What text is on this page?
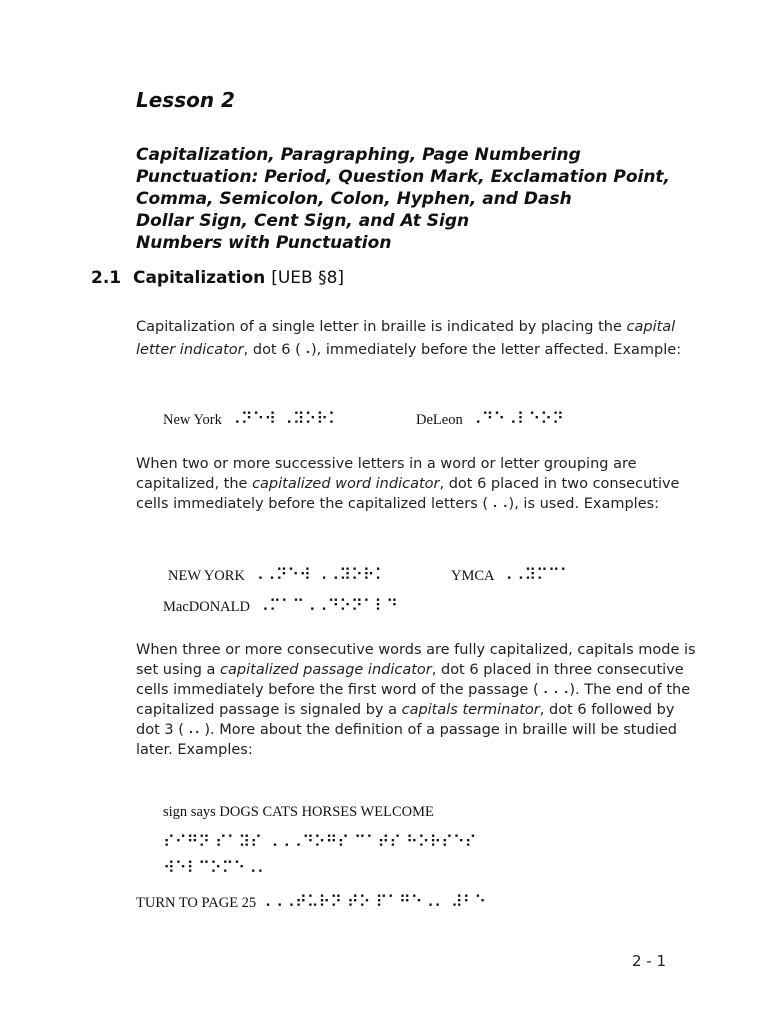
Lesson 2
Capitalization, Paragraphing, Page Numbering
Punctuation: Period, Question Mark, Exclamation Point,
Comma, Semicolon, Colon, Hyphen, and Dash
Dollar Sign, Cent Sign, and At Sign
Numbers with Punctuation
2.1 Capitalization [UEB §8]

Capitalization of a single letter in braille is indicated by placing the capital letter indicator, dot 6 (⠠), immediately before the letter affected. Example:

New York ⠠⠝⠑⠺ ⠠⠽⠕⠗⠅	DeLeon ⠠⠙⠑⠠⠇⠑⠕⠝

When two or more successive letters in a word or letter grouping are capitalized, the capitalized word indicator, dot 6 placed in two consecutive cells immediately before the capitalized letters (⠠⠠), is used. Examples:

NEW YORK ⠠⠠⠝⠑⠺ ⠠⠠⠽⠕⠗⠅	YMCA ⠠⠠⠽⠍⠉⠁
MacDONALD ⠠⠍⠁⠉⠠⠠⠙⠕⠝⠁⠇⠙

When three or more consecutive words are fully capitalized, capitals mode is set using a capitalized passage indicator, dot 6 placed in three consecutive cells immediately before the first word of the passage (⠠⠠⠠). The end of the capitalized passage is signaled by a capitals terminator, dot 6 followed by dot 3 (⠠⠄). More about the definition of a passage in braille will be studied later. Examples:

sign says DOGS CATS HORSES WELCOME
⠎⠊⠛⠝ ⠎⠁⠽⠎ ⠠⠠⠠⠙⠕⠛⠎ ⠉⠁⠞⠎ ⠓⠕⠗⠎⠑⠎
⠺⠑⠇⠉⠕⠍⠑⠠⠄
TURN TO PAGE 25 ⠠⠠⠠⠞⠥⠗⠝ ⠞⠕ ⠏⠁⠛⠑⠠⠄ ⠼⠃⠑
2 - 1
